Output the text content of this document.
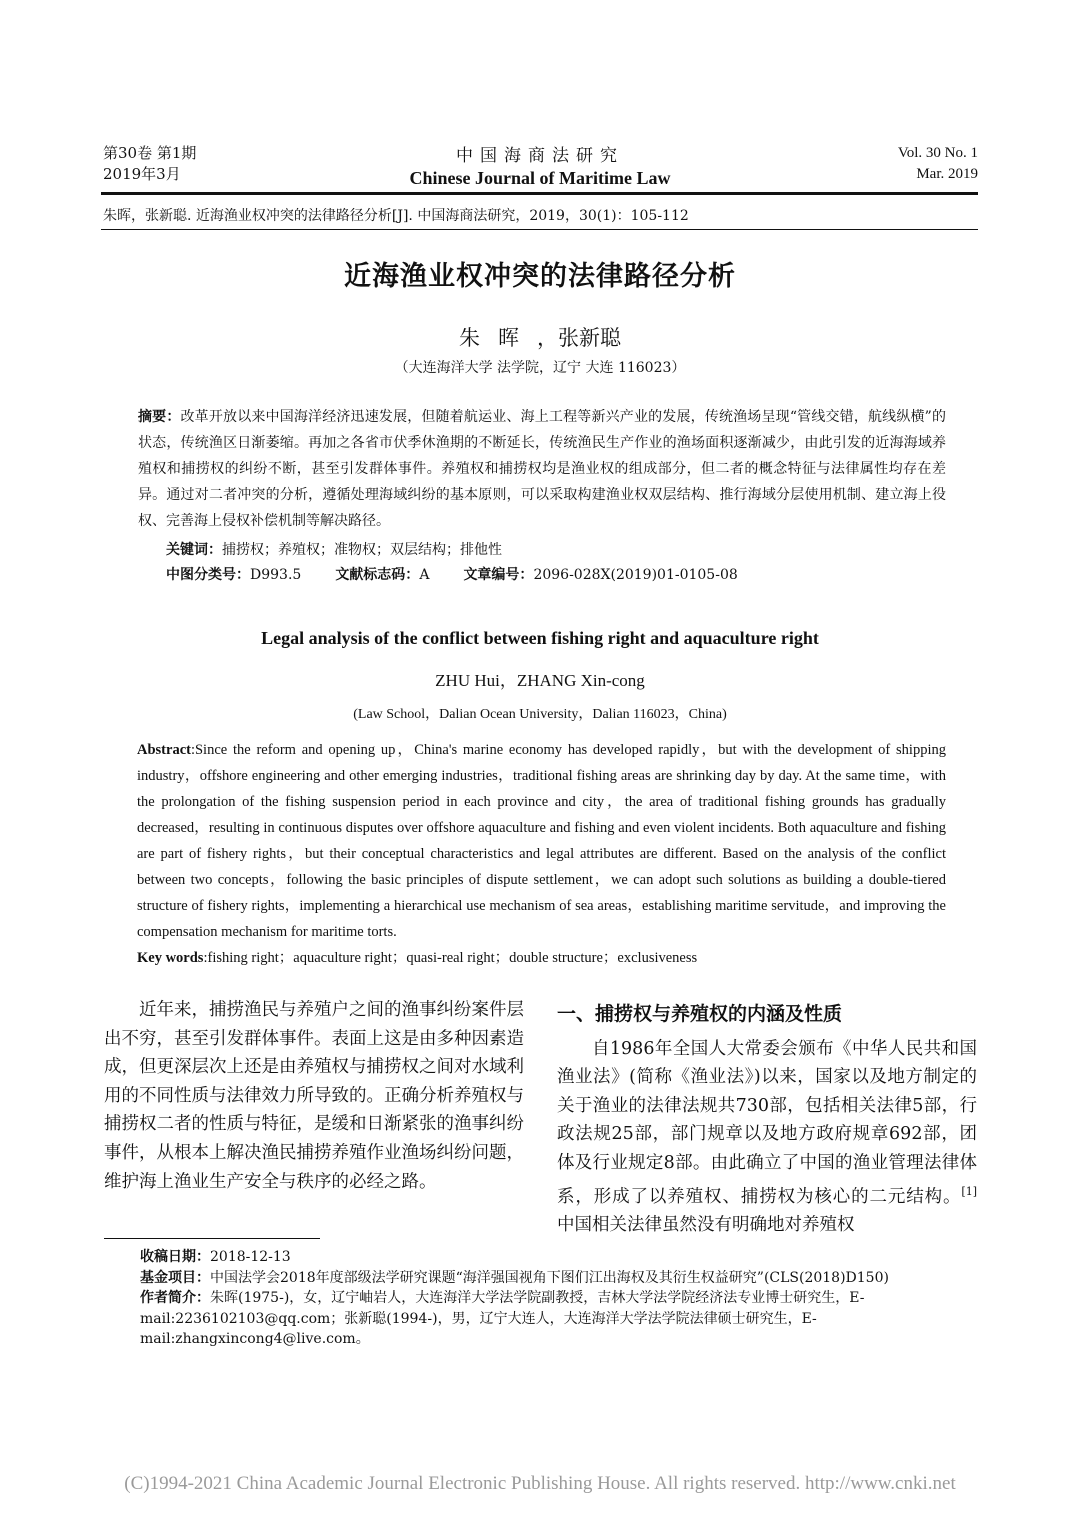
第30卷 第1期
2019年3月
中国海商法研究
Chinese Journal of Maritime Law
Vol. 30 No. 1
Mar. 2019
朱晖，张新聪. 近海渔业权冲突的法律路径分析[J]. 中国海商法研究，2019，30(1)：105-112
近海渔业权冲突的法律路径分析
朱晖，张新聪
（大连海洋大学 法学院，辽宁 大连 116023）
摘要：改革开放以来中国海洋经济迅速发展，但随着航运业、海上工程等新兴产业的发展，传统渔场呈现“管线交错，航线纵横”的状态，传统渔区日渐萎缩。再加之各省市伏季休渔期的不断延长，传统渔民生产作业的渔场面积逐渐减少，由此引发的近海海域养殖权和捕捞权的纠纷不断，甚至引发群体事件。养殖权和捕捞权均是渔业权的组成部分，但二者的概念特征与法律属性均存在差异。通过对二者冲突的分析，遵循处理海域纠纷的基本原则，可以采取构建渔业权双层结构、推行海域分层使用机制、建立海上役权、完善海上侵权补偿机制等解决路径。
关键词：捕捞权；养殖权；准物权；双层结构；排他性
中图分类号：D993.5 文献标志码：A 文章编号：2096-028X(2019)01-0105-08
Legal analysis of the conflict between fishing right and aquaculture right
ZHU Hui，ZHANG Xin-cong
(Law School，Dalian Ocean University，Dalian 116023，China)
Abstract:Since the reform and opening up，China's marine economy has developed rapidly，but with the development of shipping industry，offshore engineering and other emerging industries，traditional fishing areas are shrinking day by day. At the same time，with the prolongation of the fishing suspension period in each province and city，the area of traditional fishing grounds has gradually decreased，resulting in continuous disputes over offshore aquaculture and fishing and even violent incidents. Both aquaculture and fishing are part of fishery rights，but their conceptual characteristics and legal attributes are different. Based on the analysis of the conflict between two concepts，following the basic principles of dispute settlement，we can adopt such solutions as building a double-tiered structure of fishery rights，implementing a hierarchical use mechanism of sea areas，establishing maritime servitude，and improving the compensation mechanism for maritime torts.
Key words:fishing right；aquaculture right；quasi-real right；double structure；exclusiveness

近年来，捕捞渔民与养殖户之间的渔事纠纷案件层出不穷，甚至引发群体事件。表面上这是由多种因素造成，但更深层次上还是由养殖权与捕捞权之间对水域利用的不同性质与法律效力所导致的。正确分析养殖权与捕捞权二者的性质与特征，是缓和日渐紧张的渔事纠纷事件，从根本上解决渔民捕捞养殖作业渔场纠纷问题，维护海上渔业生产安全与秩序的必经之路。

一、捕捞权与养殖权的内涵及性质

自1986年全国人大常委会颁布《中华人民共和国渔业法》(简称《渔业法》)以来，国家以及地方制定的关于渔业的法律法规共730部，包括相关法律5部，行政法规25部，部门规章以及地方政府规章692部，团体及行业规定8部。由此确立了中国的渔业管理法律体系，形成了以养殖权、捕捞权为核心的二元结构。[1] 中国相关法律虽然没有明确地对养殖权

收稿日期：2018-12-13

基金项目：中国法学会2018年度部级法学研究课题“海洋强国视角下图们江出海权及其衍生权益研究”(CLS(2018)D150)

作者简介：朱晖(1975-)，女，辽宁岫岩人，大连海洋大学法学院副教授，吉林大学法学院经济法专业博士研究生，E-mail:2236102103@qq.com；张新聪(1994-)，男，辽宁大连人，大连海洋大学法学院法律硕士研究生，E-mail:zhangxincong4@live.com。

(C)1994-2021 China Academic Journal Electronic Publishing House. All rights reserved. http://www.cnki.net
